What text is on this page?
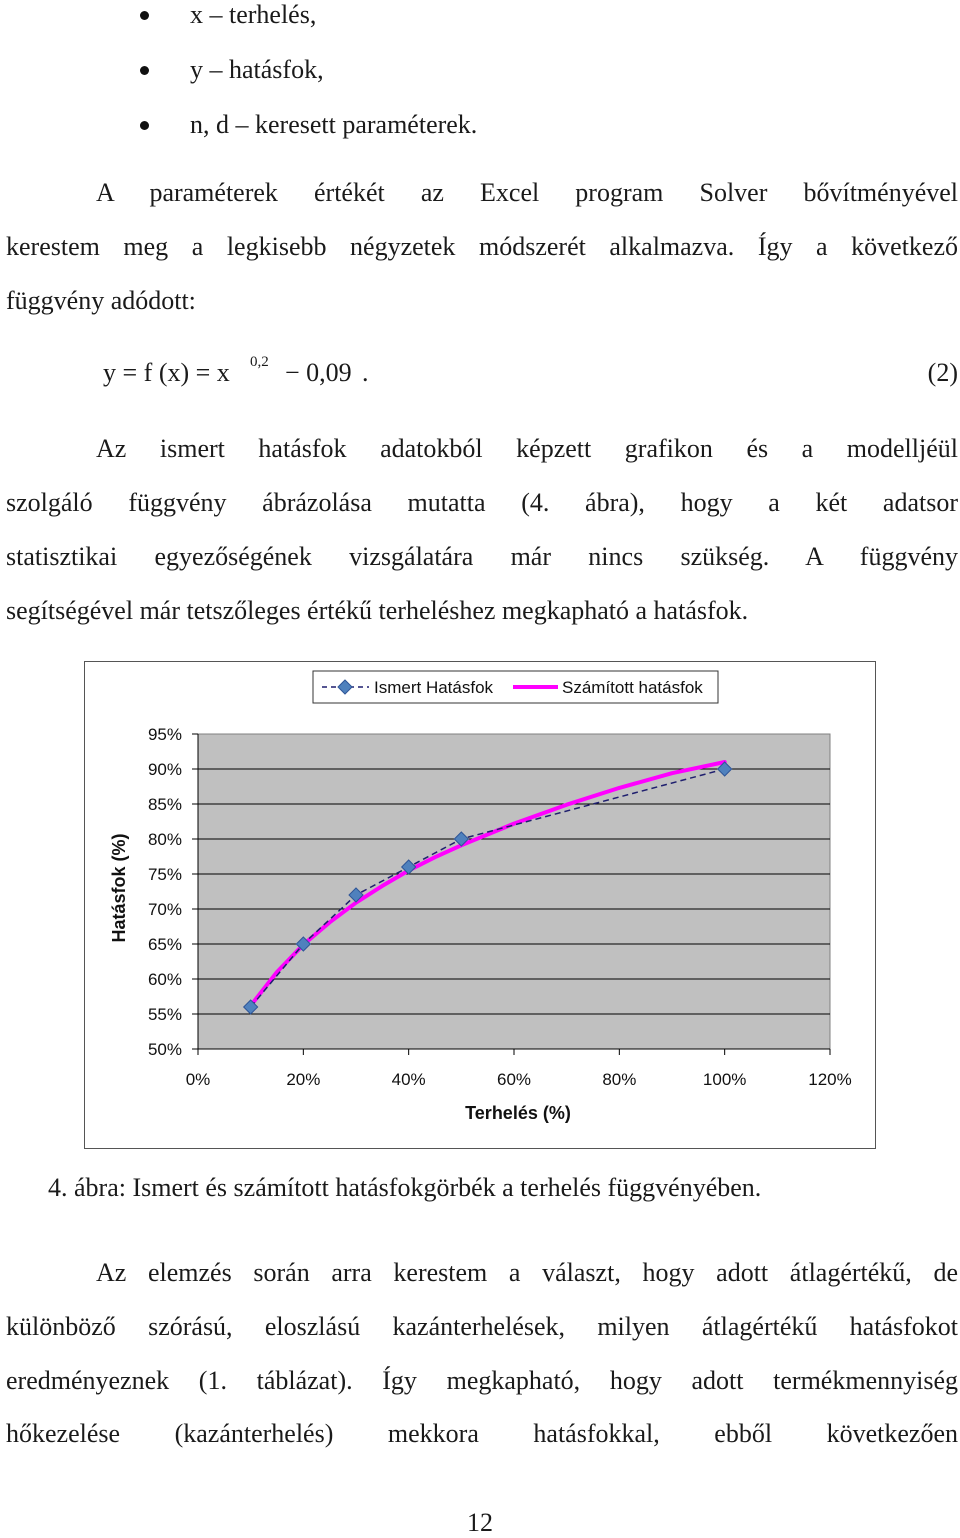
x – terhelés,
y – hatásfok,
n, d – keresett paraméterek.
A paraméterek értékét az Excel program Solver bővítményével
kerestem meg a legkisebb négyzetek módszerét alkalmazva. Így a következő
függvény adódott:
y = f (x) = x 0,2 − 0,09 .	(2)
Az ismert hatásfok adatokból képzett grafikon és a modelljéül
szolgáló függvény ábrázolása mutatta (4. ábra), hogy a két adatsor
statisztikai egyezőségének vizsgálatára már nincs szükség. A függvény
segítségével már tetszőleges értékű terheléshez megkapható a hatásfok.
Ismert Hatásfok	Számított hatásfok
95%
90%
85%
80%
75%
70%
65%
60%
55%
50%
0%	20%	40%	60%	80%	100%	120%
Terhelés (%)
Hatásfok (%)
4. ábra: Ismert és számított hatásfokgörbék a terhelés függvényében.
Az elemzés során arra kerestem a választ, hogy adott átlagértékű, de
különböző szórású, eloszlású kazánterhelések, milyen átlagértékű hatásfokot
eredményeznek (1. táblázat). Így megkapható, hogy adott termékmennyiség
hőkezelése (kazánterhelés) mekkora hatásfokkal, ebből következően
12
